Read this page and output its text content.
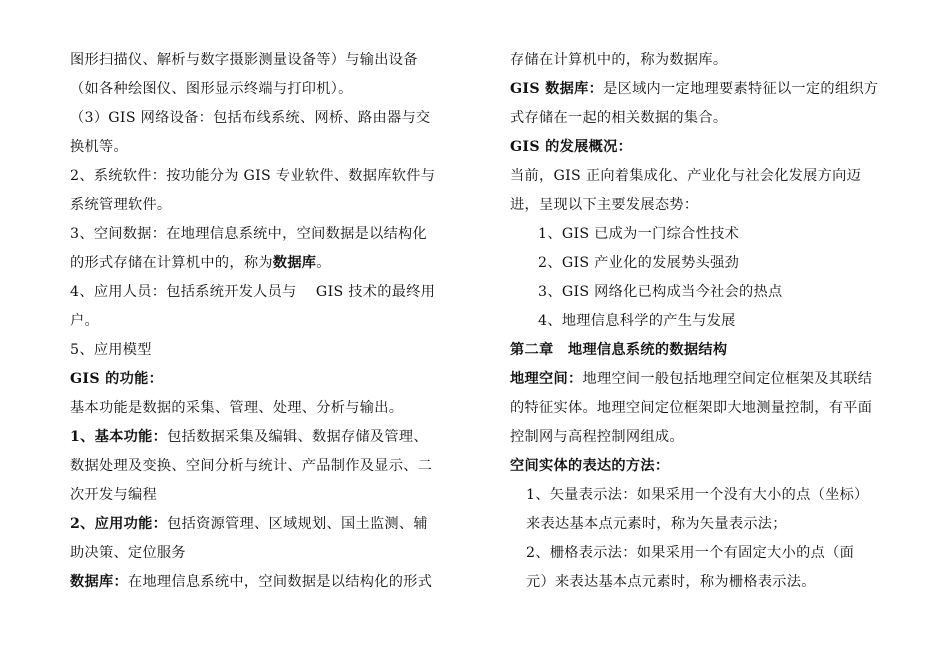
图形扫描仪、解析与数字摄影测量设备等）与输出设备
（如各种绘图仪、图形显示终端与打印机）。
（3）GIS 网络设备：包括布线系统、网桥、路由器与交
换机等。
2、系统软件：按功能分为 GIS 专业软件、数据库软件与
系统管理软件。
3、空间数据：在地理信息系统中，空间数据是以结构化
的形式存储在计算机中的，称为数据库。
4、应用人员：包括系统开发人员与　 GIS 技术的最终用
户。
5、应用模型
GIS 的功能：
基本功能是数据的采集、管理、处理、分析与输出。
1、基本功能：包括数据采集及编辑、数据存储及管理、
数据处理及变换、空间分析与统计、产品制作及显示、二
次开发与编程
2、应用功能：包括资源管理、区域规划、国土监测、辅
助决策、定位服务
数据库：在地理信息系统中，空间数据是以结构化的形式
存储在计算机中的，称为数据库。
GIS 数据库：是区域内一定地理要素特征以一定的组织方
式存储在一起的相关数据的集合。
GIS 的发展概况：
当前，GIS 正向着集成化、产业化与社会化发展方向迈
进，呈现以下主要发展态势：
1、GIS 已成为一门综合性技术
2、GIS 产业化的发展势头强劲
3、GIS 网络化已构成当今社会的热点
4、地理信息科学的产生与发展
第二章　地理信息系统的数据结构
地理空间：地理空间一般包括地理空间定位框架及其联结
的特征实体。地理空间定位框架即大地测量控制，有平面
控制网与高程控制网组成。
空间实体的表达的方法：
1、矢量表示法：如果采用一个没有大小的点（坐标）
来表达基本点元素时，称为矢量表示法；
2、栅格表示法：如果采用一个有固定大小的点（面
元）来表达基本点元素时，称为栅格表示法。
